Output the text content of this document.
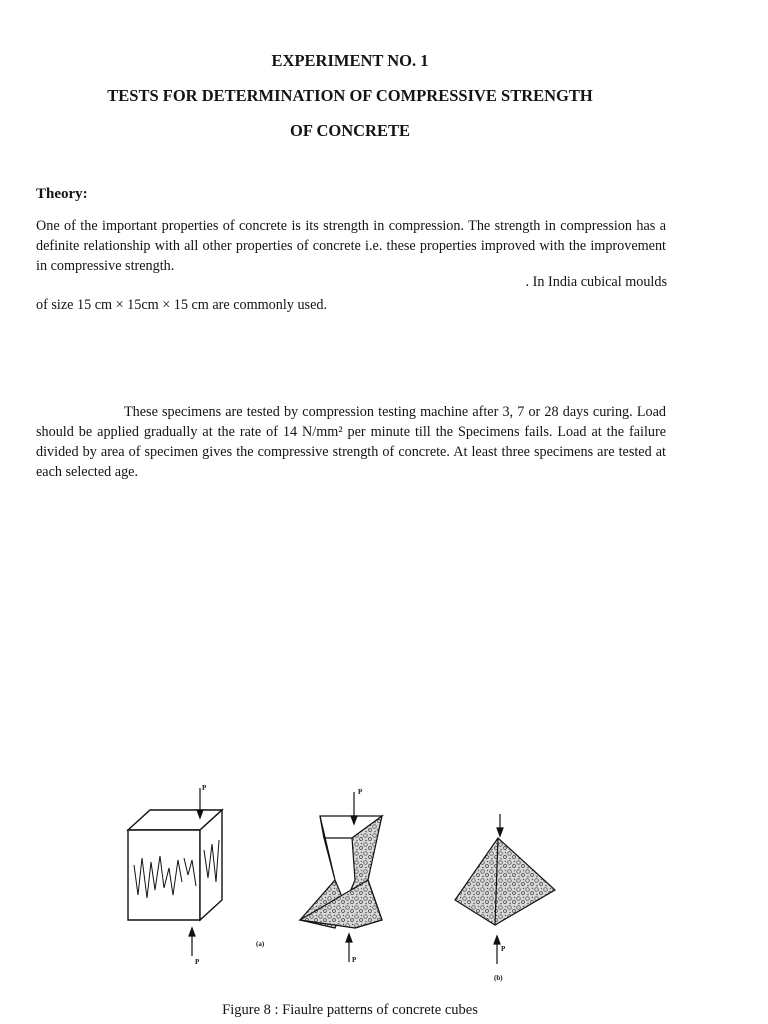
EXPERIMENT NO. 1
TESTS FOR DETERMINATION OF COMPRESSIVE STRENGTH
OF CONCRETE
Theory:

One of the important properties of concrete is its strength in compression. The strength in compression has a definite relationship with all other properties of concrete i.e. these properties improved with the improvement in compressive strength.

. In India cubical moulds
of size 15 cm × 15cm × 15 cm are commonly used.

These specimens are tested by compression testing machine after 3, 7 or 28 days curing. Load should be applied gradually at the rate of 14 N/mm² per minute till the Specimens fails. Load at the failure divided by area of specimen gives the compressive strength of concrete. At least three specimens are tested at each selected age.

P
P
P
P
(a)
P
(b)
Figure 8 : Fiaulre patterns of concrete cubes
